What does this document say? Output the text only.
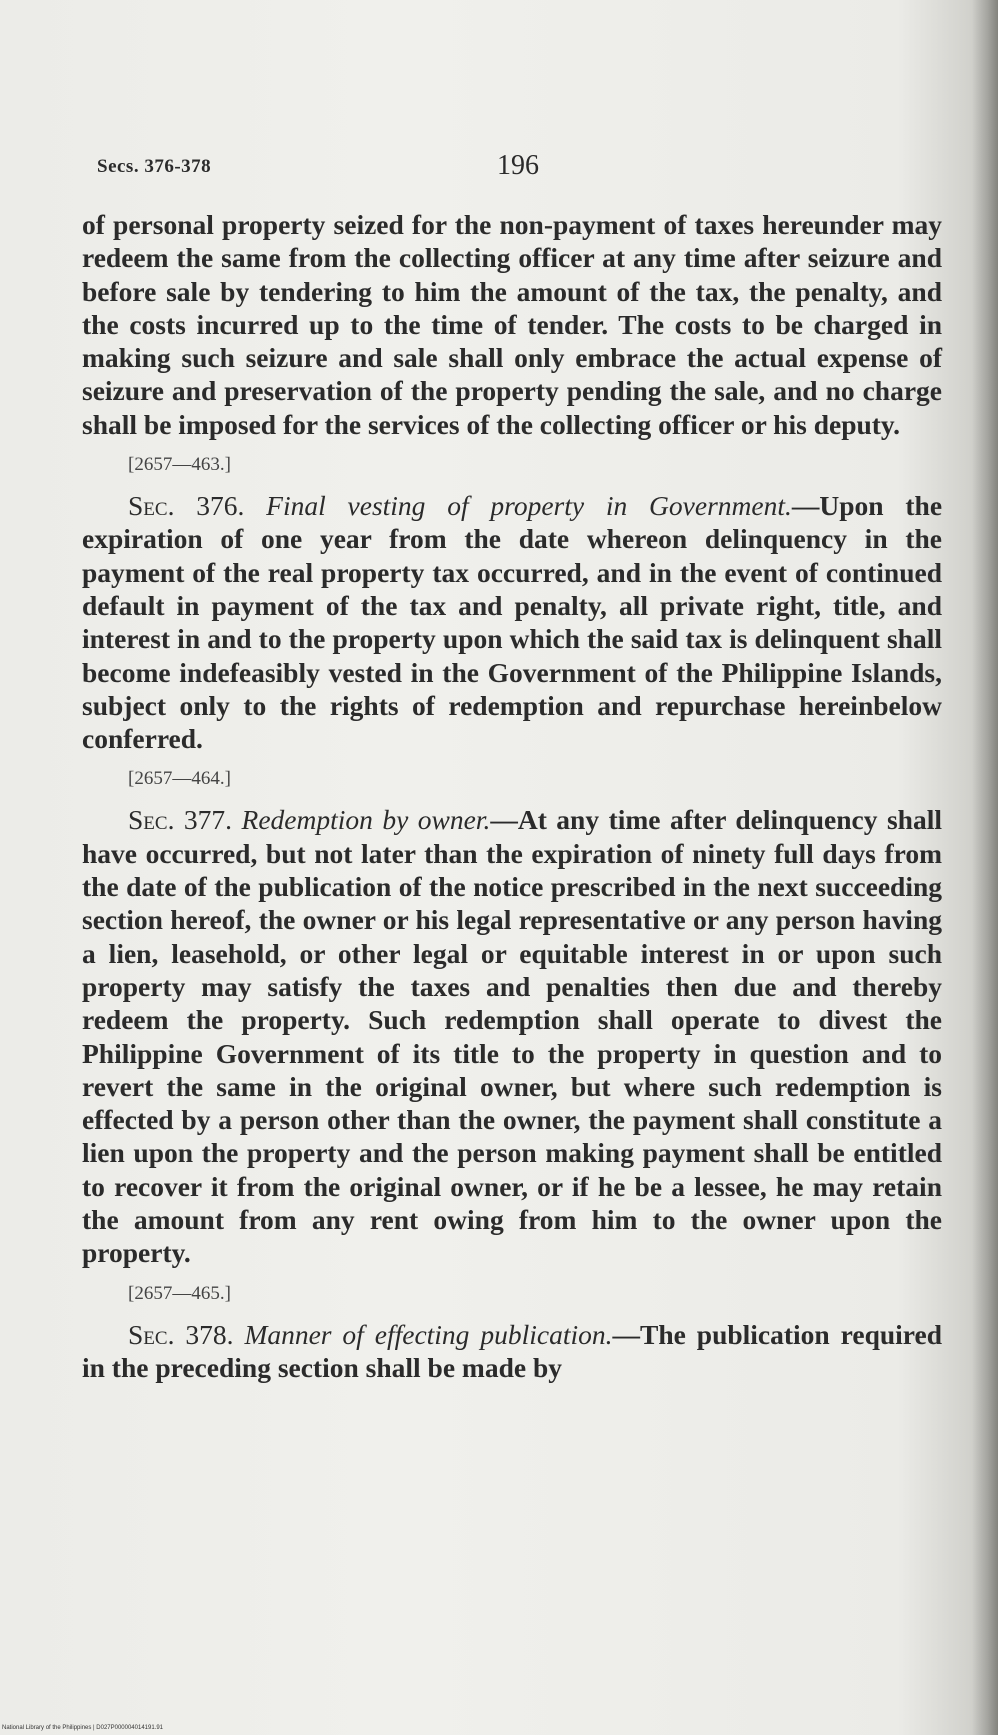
Secs. 376-378	196

of personal property seized for the non-payment of taxes hereunder may redeem the same from the collecting officer at any time after seizure and before sale by tendering to him the amount of the tax, the penalty, and the costs incurred up to the time of tender. The costs to be charged in making such seizure and sale shall only embrace the actual expense of seizure and preservation of the property pending the sale, and no charge shall be imposed for the services of the collecting officer or his deputy.

[2657—463.]

Sec. 376. Final vesting of property in Government.—Upon the expiration of one year from the date whereon delinquency in the payment of the real property tax occurred, and in the event of continued default in payment of the tax and penalty, all private right, title, and interest in and to the property upon which the said tax is delinquent shall become indefeasibly vested in the Government of the Philippine Islands, subject only to the rights of redemption and repurchase hereinbelow conferred.

[2657—464.]

Sec. 377. Redemption by owner.—At any time after delinquency shall have occurred, but not later than the expiration of ninety full days from the date of the publication of the notice prescribed in the next succeeding section hereof, the owner or his legal representative or any person having a lien, leasehold, or other legal or equitable interest in or upon such property may satisfy the taxes and penalties then due and thereby redeem the property. Such redemption shall operate to divest the Philippine Government of its title to the property in question and to revert the same in the original owner, but where such redemption is effected by a person other than the owner, the payment shall constitute a lien upon the property and the person making payment shall be entitled to recover it from the original owner, or if he be a lessee, he may retain the amount from any rent owing from him to the owner upon the property.

[2657—465.]

Sec. 378. Manner of effecting publication.—The publication required in the preceding section shall be made by

National Library of the Philippines | D027P000004014191.91
